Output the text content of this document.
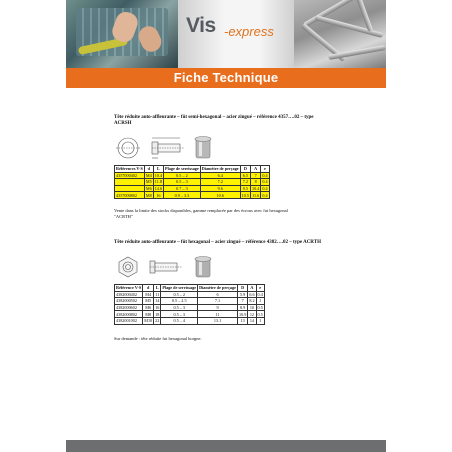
Vis -express
Fiche Technique
Tête réduite auto-affleurante – fût semi-hexagonal – acier zingué – référence 4357….02 – type
ACRSH
Références V-S	d	L	Plage de serrissage	Diamètre de perçage	D	A	e
4357000402	M4	10.4	0.5 – 2	6.4	6.5	7	0.4
	M5	11.8	0.5 – 3	7.2	7.2	8	0.4
	M6	14.6	0.7 – 3	9.6	9.5	10.4	0.4
4357000802	M8	16	0.9 – 3.3	10.6	10.5	11.6	0.4
Vente dans la limite des stocks disponibles, gamme remplacée par des écrous avec fut hexagonal
"ACRTH"
Tête réduite auto-affleurante – fût hexagonal – acier zingué – référence 4382….02 – type ACRTH
Référence V-S	d	L	Plage de serrissage	Diamètre de perçage	D	A	e
4382000402	M4	11	0.5 – 2	6	5.9	6.6	0.4
4382000502	M5	14	0.5 – 2.5	7.1	7	8.2	1
4382000602	M6	16	0.5 – 3	9	8.9	10	0.5
4382000802	M8	18	0.5 – 3	11	10.9	12	0.5
4382001002	M10	22	0.5 – 4	13.1	13	14	1
Sur demande : tête réduite fut hexagonal borgne.
